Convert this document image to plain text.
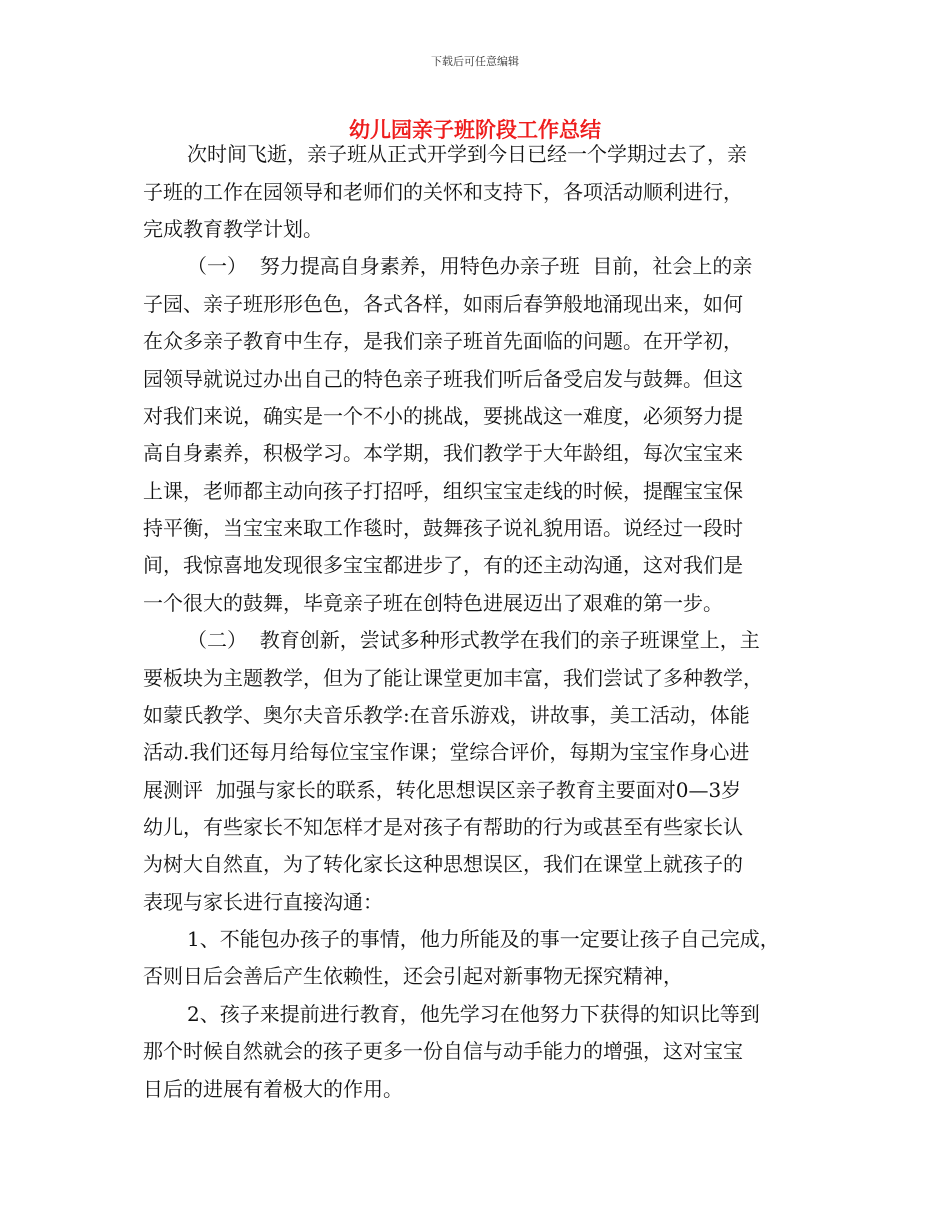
下载后可任意编辑
幼儿园亲子班阶段工作总结
次时间飞逝，亲子班从正式开学到今日已经一个学期过去了，亲
子班的工作在园领导和老师们的关怀和支持下，各项活动顺利进行，
完成教育教学计划。
（一）  努力提高自身素养，用特色办亲子班  目前，社会上的亲
子园、亲子班形形色色，各式各样，如雨后春笋般地涌现出来，如何
在众多亲子教育中生存，是我们亲子班首先面临的问题。在开学初，
园领导就说过办出自己的特色亲子班我们听后备受启发与鼓舞。但这
对我们来说，确实是一个不小的挑战，要挑战这一难度，必须努力提
高自身素养，积极学习。本学期，我们教学于大年龄组，每次宝宝来
上课，老师都主动向孩子打招呼，组织宝宝走线的时候，提醒宝宝保
持平衡，当宝宝来取工作毯时，鼓舞孩子说礼貌用语。说经过一段时
间，我惊喜地发现很多宝宝都进步了，有的还主动沟通，这对我们是
一个很大的鼓舞，毕竟亲子班在创特色进展迈出了艰难的第一步。
（二）  教育创新，尝试多种形式教学在我们的亲子班课堂上，主
要板块为主题教学，但为了能让课堂更加丰富，我们尝试了多种教学，
如蒙氏教学、奥尔夫音乐教学:在音乐游戏，讲故事，美工活动，体能
活动.我们还每月给每位宝宝作课；堂综合评价，每期为宝宝作身心进
展测评  加强与家长的联系，转化思想误区亲子教育主要面对0—3岁
幼儿，有些家长不知怎样才是对孩子有帮助的行为或甚至有些家长认
为树大自然直，为了转化家长这种思想误区，我们在课堂上就孩子的
表现与家长进行直接沟通：
1、不能包办孩子的事情，他力所能及的事一定要让孩子自己完成，
否则日后会善后产生依赖性，还会引起对新事物无探究精神，
2、孩子来提前进行教育，他先学习在他努力下获得的知识比等到
那个时候自然就会的孩子更多一份自信与动手能力的增强，这对宝宝
日后的进展有着极大的作用。
